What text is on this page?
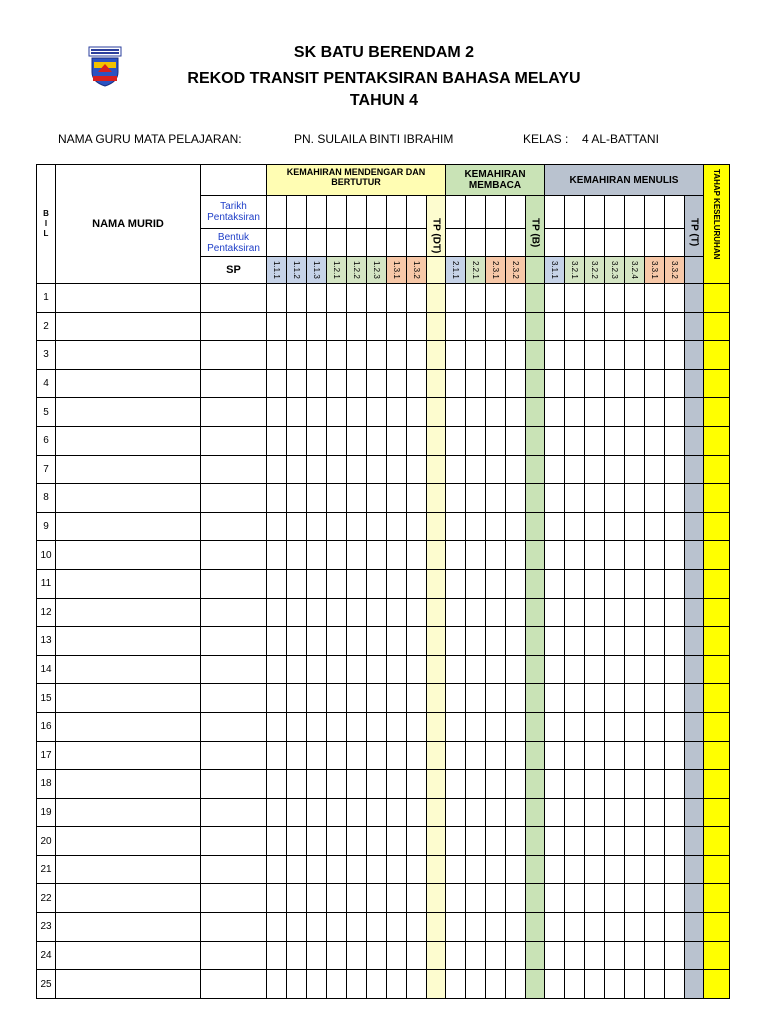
SK BATU BERENDAM 2
REKOD TRANSIT PENTAKSIRAN BAHASA MELAYU
TAHUN 4
NAMA GURU MATA PELAJARAN:	PN. SULAILA BINTI IBRAHIM	KELAS : 4 AL-BATTANI
B I L	NAMA MURID		KEMAHIRAN MENDENGAR DAN BERTUTUR									KEMAHIRAN MEMBACA					KEMAHIRAN MENULIS								TAHAP KESELURUHAN

		Tarikh Pentaksiran									TP (DT)					TP (B)								TP (T)	

		Bentuk Pentaksiran																							

		SP	1.1.1	1.1.2	1.1.3	1.2.1	1.2.2	1.2.3	1.3.1	1.3.2		2.1.1	2.2.1	2.3.1	2.3.2		3.1.1	3.2.1	3.2.2	3.2.3	3.2.4	3.3.1	3.3.2		

1																									

2																									

3																									

4																									

5																									

6																									

7																									

8																									

9																									

10																									

11																									

12																									

13																									

14																									

15																									

16																									

17																									

18																									

19																									

20																									

21																									

22																									

23																									

24																									

25																									
